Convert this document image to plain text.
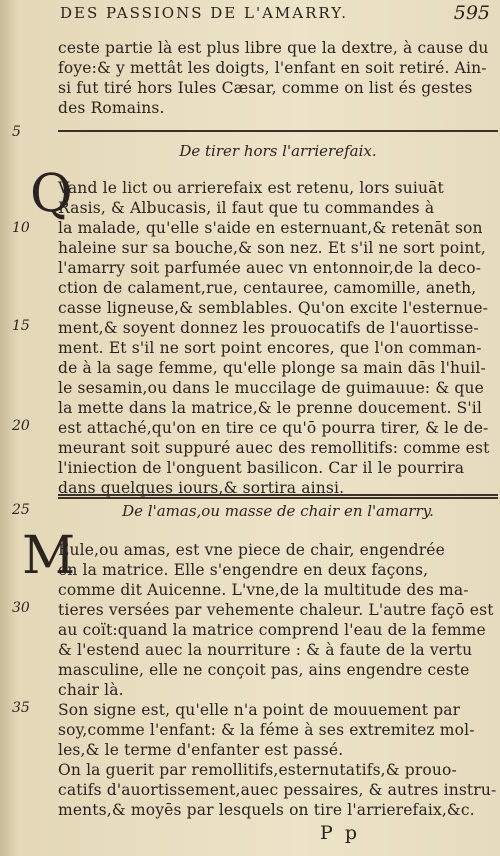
DES PASSIONS DE L'AMARRY.	595
ceste partie là est plus libre que la dextre, à cause du
foye:& y mettât les doigts, l'enfant en soit retiré. Ain-
si fut tiré hors Iules Cæsar, comme on list és gestes
des Romains.
5
De tirer hors l'arrierefaix.
Q
Vand le lict ou arrierefaix est retenu, lors suiuāt
Rasis, & Albucasis, il faut que tu commandes à
10 la malade, qu'elle s'aide en esternuant,& retenāt son
haleine sur sa bouche,& son nez. Et s'il ne sort point,
l'amarry soit parfumée auec vn entonnoir,de la deco-
ction de calament,rue, centauree, camomille, aneth,
casse ligneuse,& semblables. Qu'on excite l'esternue-
15 ment,& soyent donnez les prouocatifs de l'auortisse-
ment. Et s'il ne sort point encores, que l'on comman-
de à la sage femme, qu'elle plonge sa main dās l'huil-
le sesamin,ou dans le muccilage de guimauue: & que
la mette dans la matrice,& le prenne doucement. S'il
20 est attaché,qu'on en tire ce qu'ō pourra tirer, & le de-
meurant soit suppuré auec des remollitifs: comme est
l'iniection de l'onguent basilicon. Car il le pourrira
dans quelques iours,& sortira ainsi.
25	De l'amas,ou masse de chair en l'amarry.
M
Eule,ou amas, est vne piece de chair, engendrée
en la matrice. Elle s'engendre en deux façons,
comme dit Auicenne. L'vne,de la multitude des ma-
30 tieres versées par vehemente chaleur. L'autre façō est
au coït:quand la matrice comprend l'eau de la femme
& l'estend auec la nourriture : & à faute de la vertu
masculine, elle ne conçoit pas, ains engendre ceste
chair là.
35 Son signe est, qu'elle n'a point de mouuement par
soy,comme l'enfant: & la féme à ses extremitez mol-
les,& le terme d'enfanter est passé.
On la guerit par remollitifs,esternutatifs,& prouo-
catifs d'auortissement,auec pessaires, & autres instru-
ments,& moyēs par lesquels on tire l'arrierefaix,&c.
P p
